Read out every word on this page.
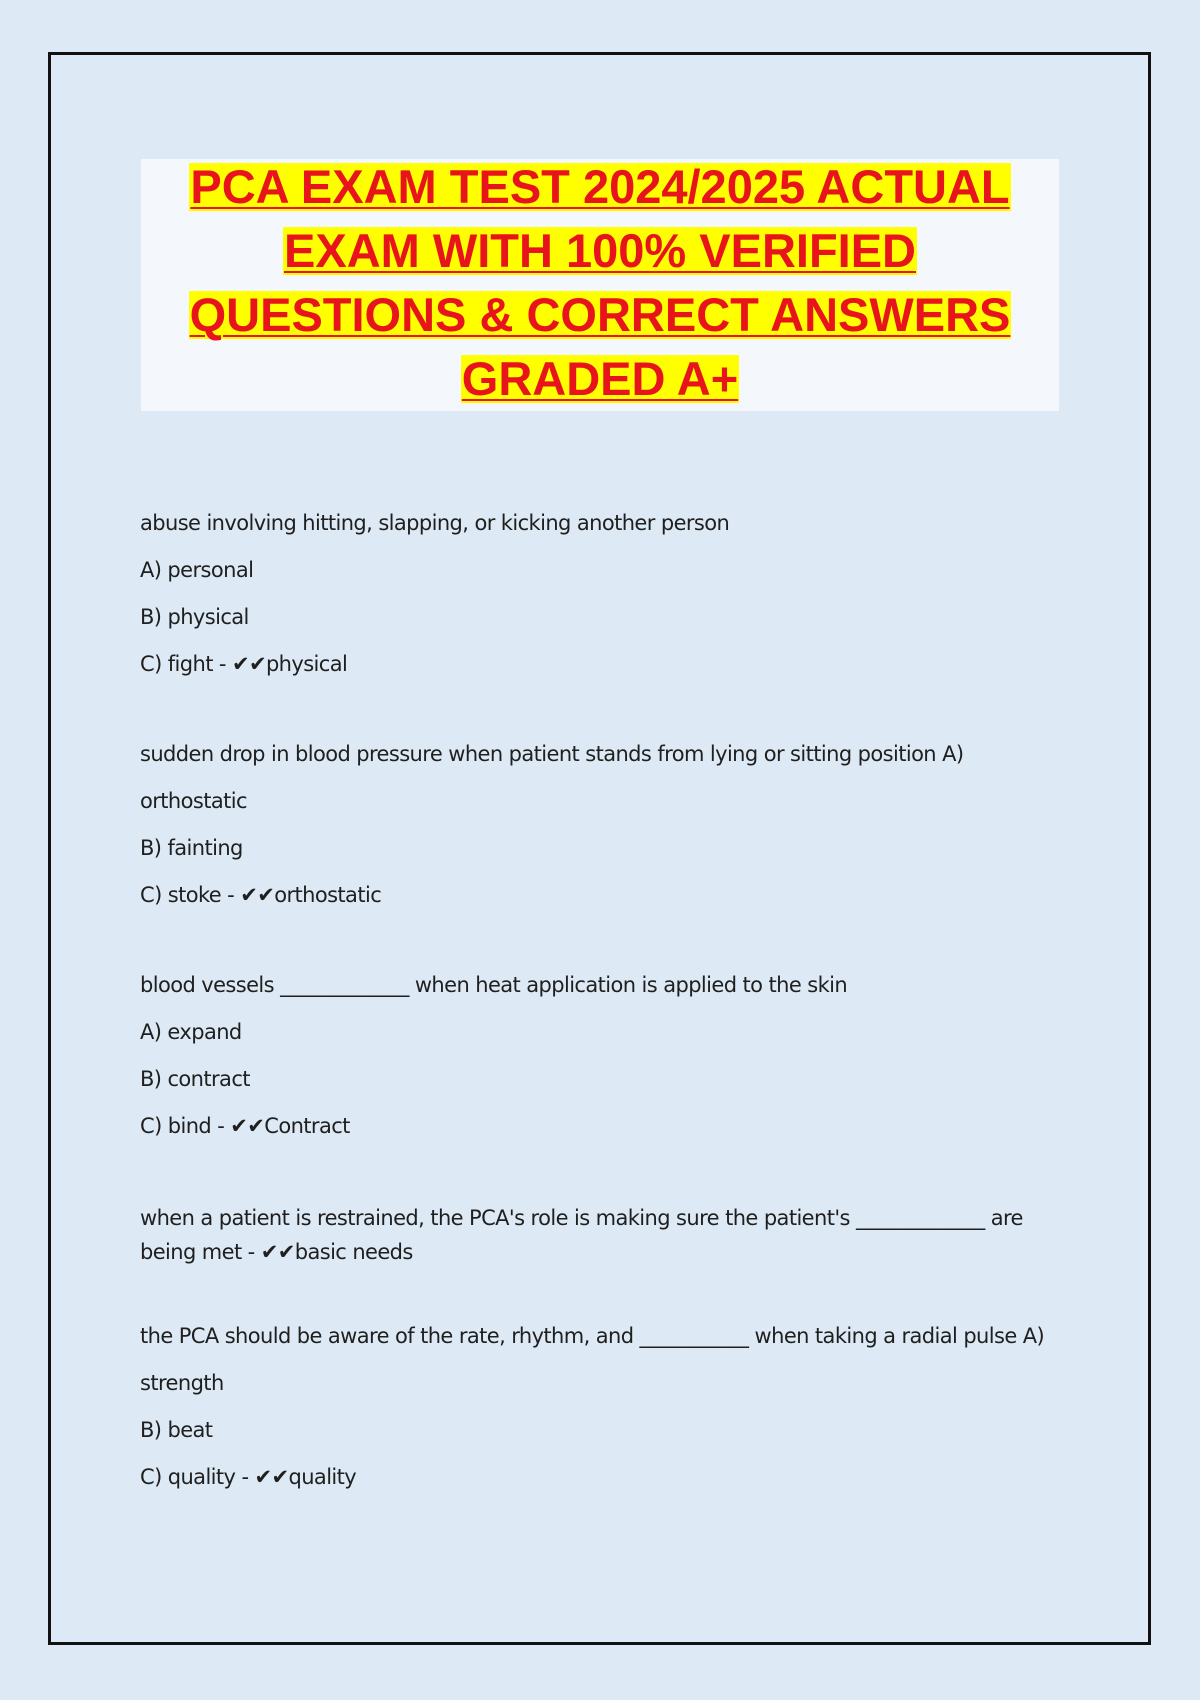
PCA EXAM TEST 2024/2025 ACTUAL
EXAM WITH 100% VERIFIED
QUESTIONS & CORRECT ANSWERS
GRADED A+

abuse involving hitting, slapping, or kicking another person

A) personal

B) physical

C) fight - ✔✔physical

sudden drop in blood pressure when patient stands from lying or sitting position A)

orthostatic

B) fainting

C) stoke - ✔✔orthostatic

blood vessels _____________ when heat application is applied to the skin

A) expand

B) contract

C) bind - ✔✔Contract

when a patient is restrained, the PCA's role is making sure the patient's _____________ are being met - ✔✔basic needs

the PCA should be aware of the rate, rhythm, and ___________ when taking a radial pulse A)

strength

B) beat

C) quality - ✔✔quality
